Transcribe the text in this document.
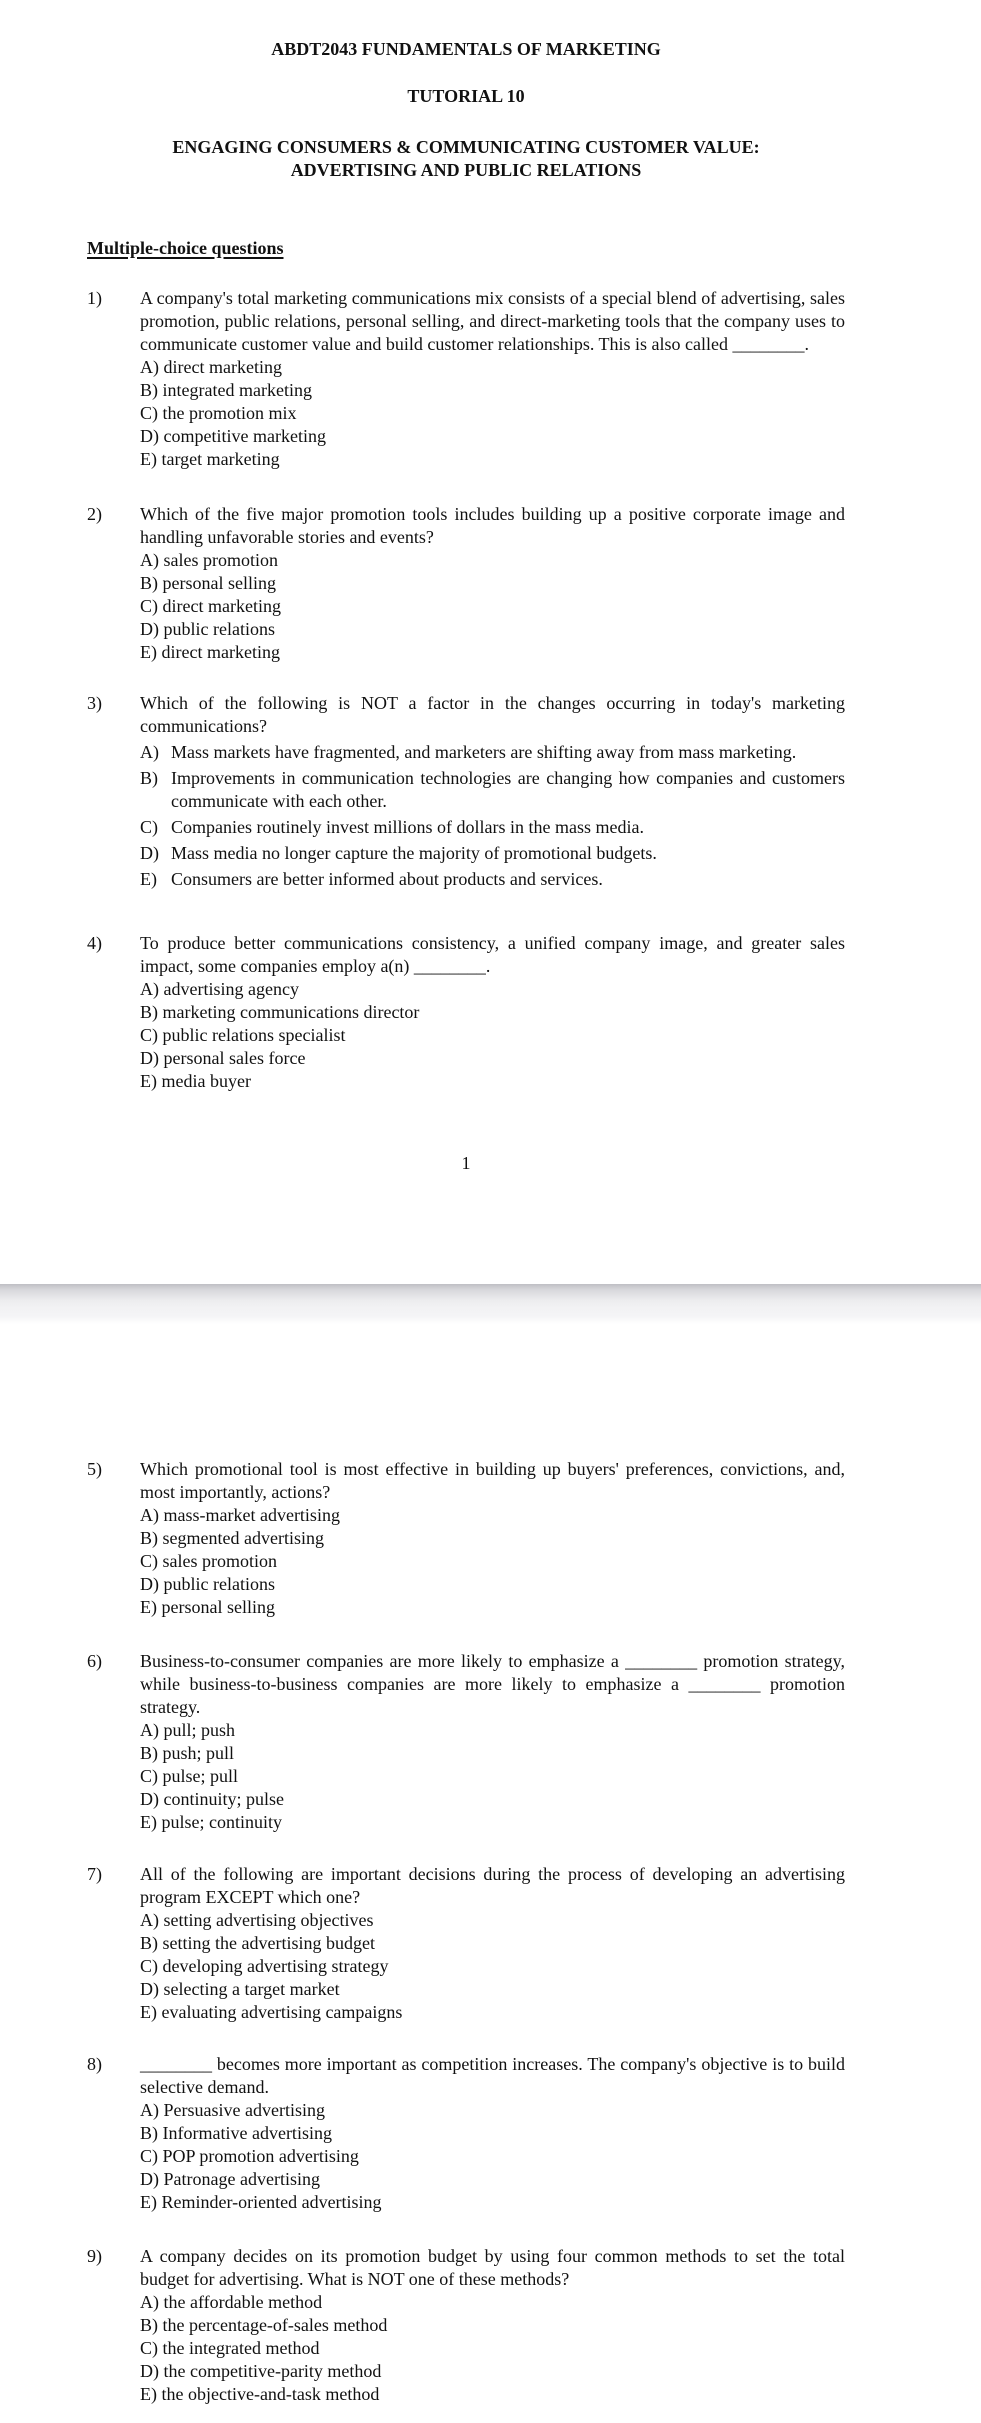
ABDT2043 FUNDAMENTALS OF MARKETING
TUTORIAL 10
ENGAGING CONSUMERS & COMMUNICATING CUSTOMER VALUE:
ADVERTISING AND PUBLIC RELATIONS
Multiple-choice questions
1)	A company's total marketing communications mix consists of a special blend of advertising, sales promotion, public relations, personal selling, and direct-marketing tools that the company uses to communicate customer value and build customer relationships. This is also called ________.

A) direct marketing
B) integrated marketing
C) the promotion mix
D) competitive marketing
E) target marketing
2)	Which of the five major promotion tools includes building up a positive corporate image and handling unfavorable stories and events?

A) sales promotion
B) personal selling
C) direct marketing
D) public relations
E) direct marketing
3)	Which of the following is NOT a factor in the changes occurring in today's marketing communications?

A) Mass markets have fragmented, and marketers are shifting away from mass marketing.
B) Improvements in communication technologies are changing how companies and customers communicate with each other.
C) Companies routinely invest millions of dollars in the mass media.
D) Mass media no longer capture the majority of promotional budgets.
E) Consumers are better informed about products and services.
4)	To produce better communications consistency, a unified company image, and greater sales impact, some companies employ a(n) ________.

A) advertising agency
B) marketing communications director
C) public relations specialist
D) personal sales force
E) media buyer
1
5)	Which promotional tool is most effective in building up buyers' preferences, convictions, and, most importantly, actions?

A) mass-market advertising
B) segmented advertising
C) sales promotion
D) public relations
E) personal selling
6)	Business-to-consumer companies are more likely to emphasize a ________ promotion strategy, while business-to-business companies are more likely to emphasize a ________ promotion strategy.

A) pull; push
B) push; pull
C) pulse; pull
D) continuity; pulse
E) pulse; continuity
7)	All of the following are important decisions during the process of developing an advertising program EXCEPT which one?

A) setting advertising objectives
B) setting the advertising budget
C) developing advertising strategy
D) selecting a target market
E) evaluating advertising campaigns
8)	________ becomes more important as competition increases. The company's objective is to build selective demand.

A) Persuasive advertising
B) Informative advertising
C) POP promotion advertising
D) Patronage advertising
E) Reminder-oriented advertising
9)	A company decides on its promotion budget by using four common methods to set the total budget for advertising. What is NOT one of these methods?

A) the affordable method
B) the percentage-of-sales method
C) the integrated method
D) the competitive-parity method
E) the objective-and-task method
